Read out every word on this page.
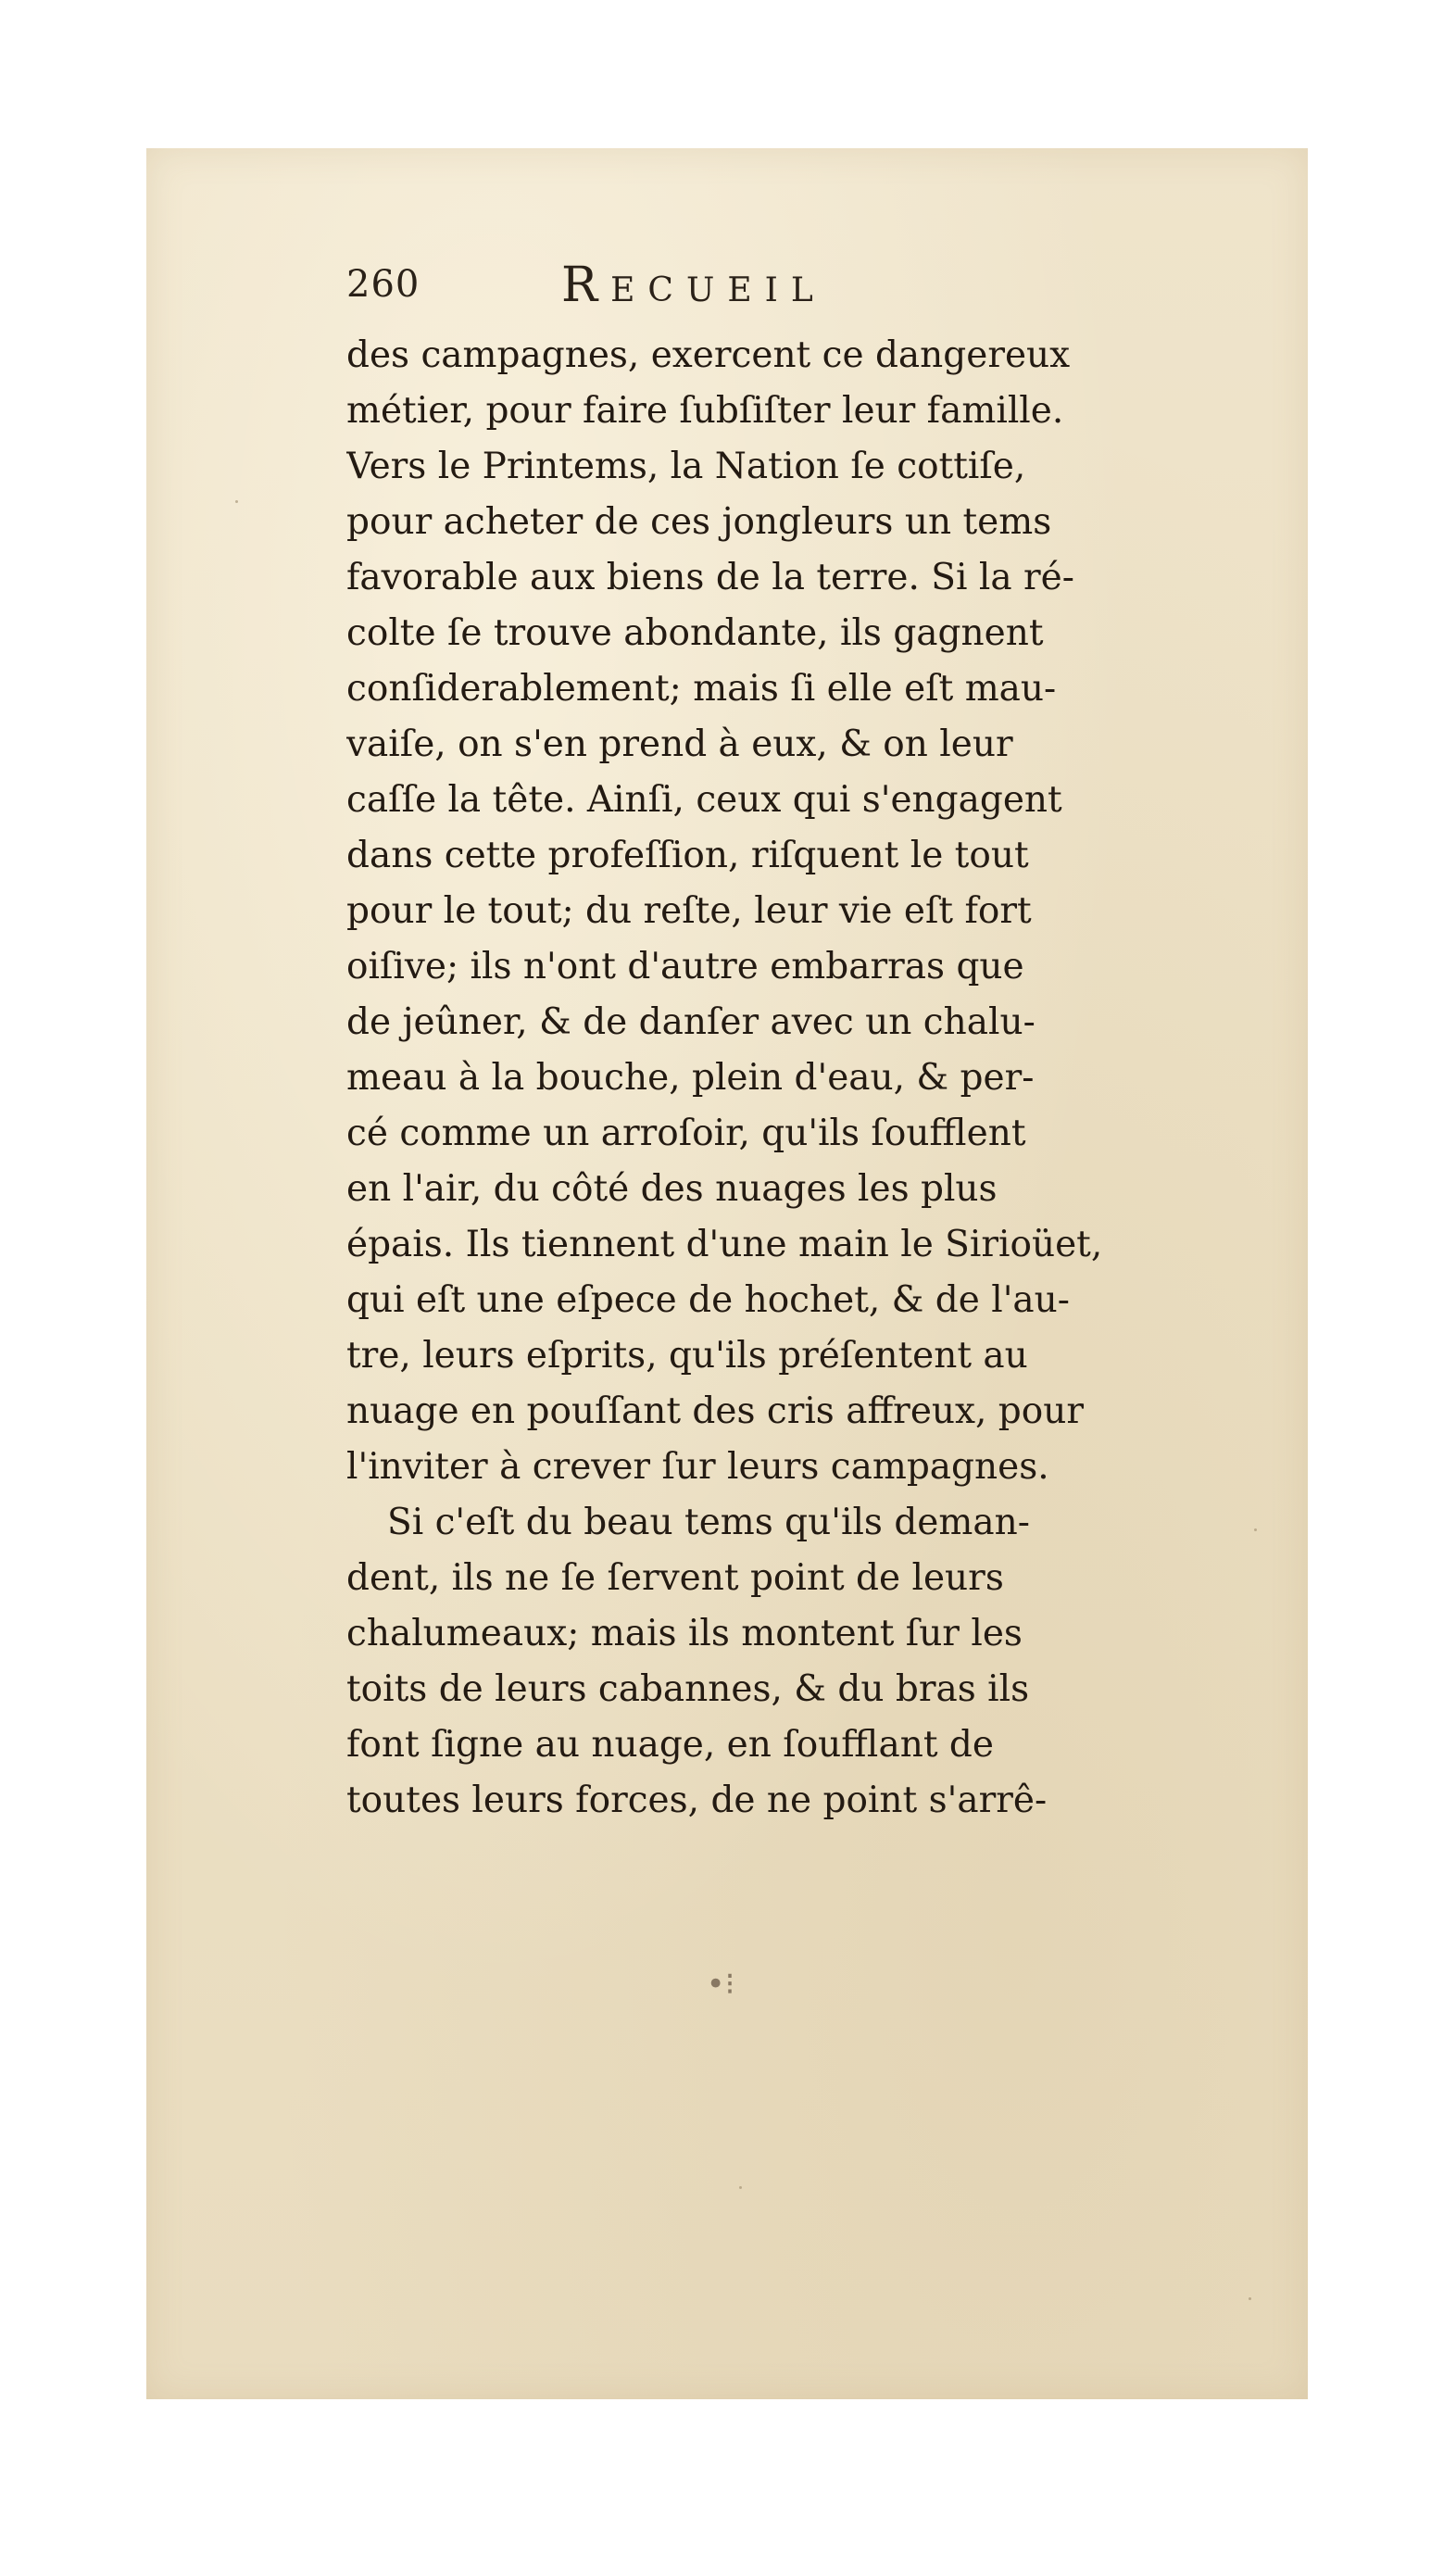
260	Recueil
des campagnes, exercent ce dangereux
métier, pour faire ſubſiſter leur famille.
Vers le Printems, la Nation ſe cottiſe,
pour acheter de ces jongleurs un tems
favorable aux biens de la terre. Si la ré-
colte ſe trouve abondante, ils gagnent
conſiderablement; mais ſi elle eſt mau-
vaiſe, on s'en prend à eux, & on leur
caſſe la tête. Ainſi, ceux qui s'engagent
dans cette profeſſion, riſquent le tout
pour le tout; du reſte, leur vie eſt fort
oiſive; ils n'ont d'autre embarras que
de jeûner, & de danſer avec un chalu-
meau à la bouche, plein d'eau, & per-
cé comme un arroſoir, qu'ils ſoufflent
en l'air, du côté des nuages les plus
épais. Ils tiennent d'une main le Sirioüet,
qui eſt une eſpece de hochet, & de l'au-
tre, leurs eſprits, qu'ils préſentent au
nuage en pouſſant des cris affreux, pour
l'inviter à crever ſur leurs campagnes.
Si c'eſt du beau tems qu'ils deman-
dent, ils ne ſe ſervent point de leurs
chalumeaux; mais ils montent ſur les
toits de leurs cabannes, & du bras ils
font ſigne au nuage, en ſoufflant de
toutes leurs forces, de ne point s'arrê-
•⁝
